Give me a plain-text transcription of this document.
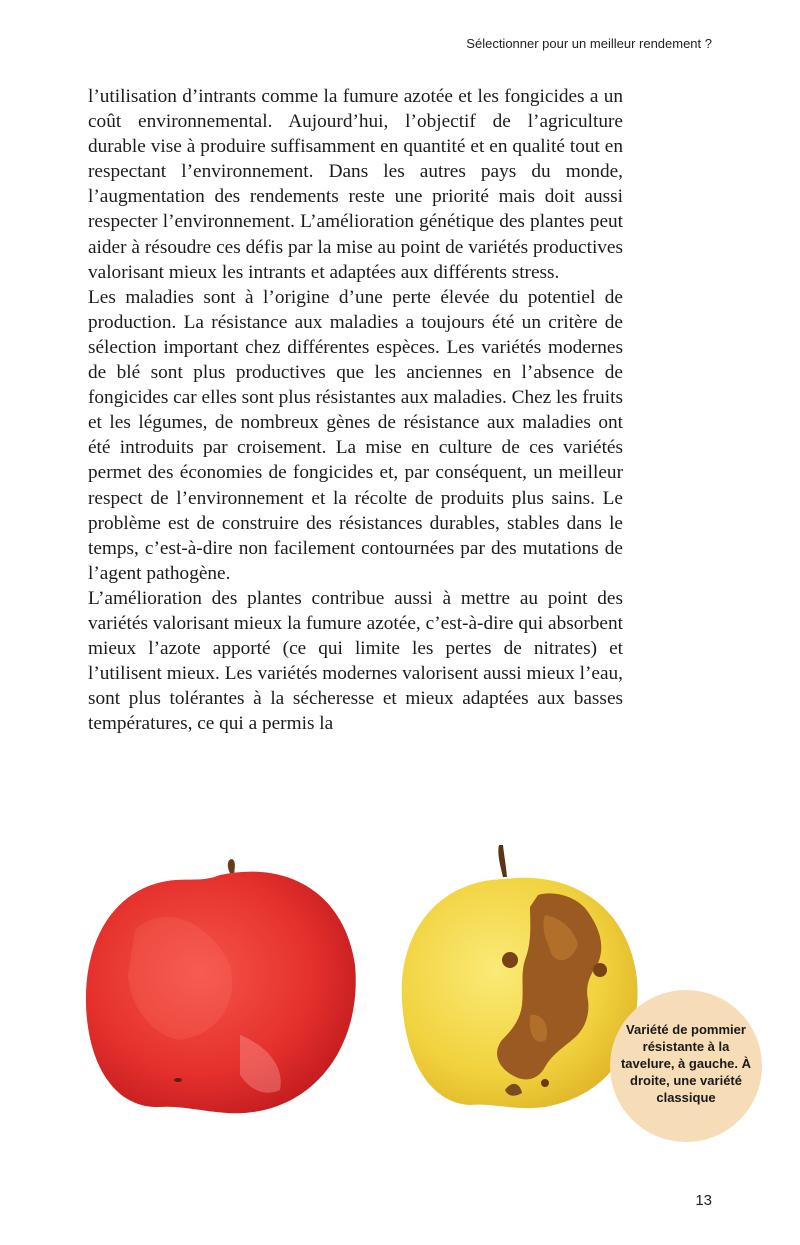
Sélectionner pour un meilleur rendement ?

l’utilisation d’intrants comme la fumure azotée et les fongicides a un coût environnemental. Aujourd’hui, l’objectif de l’agriculture durable vise à produire suffisamment en quantité et en qualité tout en respectant l’environnement. Dans les autres pays du monde, l’augmentation des rendements reste une priorité mais doit aussi respecter l’environnement. L’amélioration génétique des plantes peut aider à résoudre ces défis par la mise au point de variétés productives valorisant mieux les intrants et adaptées aux différents stress.

Les maladies sont à l’origine d’une perte élevée du potentiel de production. La résistance aux maladies a toujours été un critère de sélection important chez différentes espèces. Les variétés modernes de blé sont plus productives que les anciennes en l’absence de fongicides car elles sont plus résistantes aux maladies. Chez les fruits et les légumes, de nombreux gènes de résistance aux maladies ont été introduits par croisement. La mise en culture de ces variétés permet des économies de fongicides et, par conséquent, un meilleur respect de l’environnement et la récolte de produits plus sains. Le problème est de construire des résistances durables, stables dans le temps, c’est-à-dire non facilement contournées par des mutations de l’agent pathogène.

L’amélioration des plantes contribue aussi à mettre au point des variétés valorisant mieux la fumure azotée, c’est-à-dire qui absorbent mieux l’azote apporté (ce qui limite les pertes de nitrates) et l’utilisent mieux. Les variétés modernes valorisent aussi mieux l’eau, sont plus tolérantes à la sécheresse et mieux adaptées aux basses températures, ce qui a permis la

Variété de pommier résistante à la tavelure, à gauche. À droite, une variété classique
13
